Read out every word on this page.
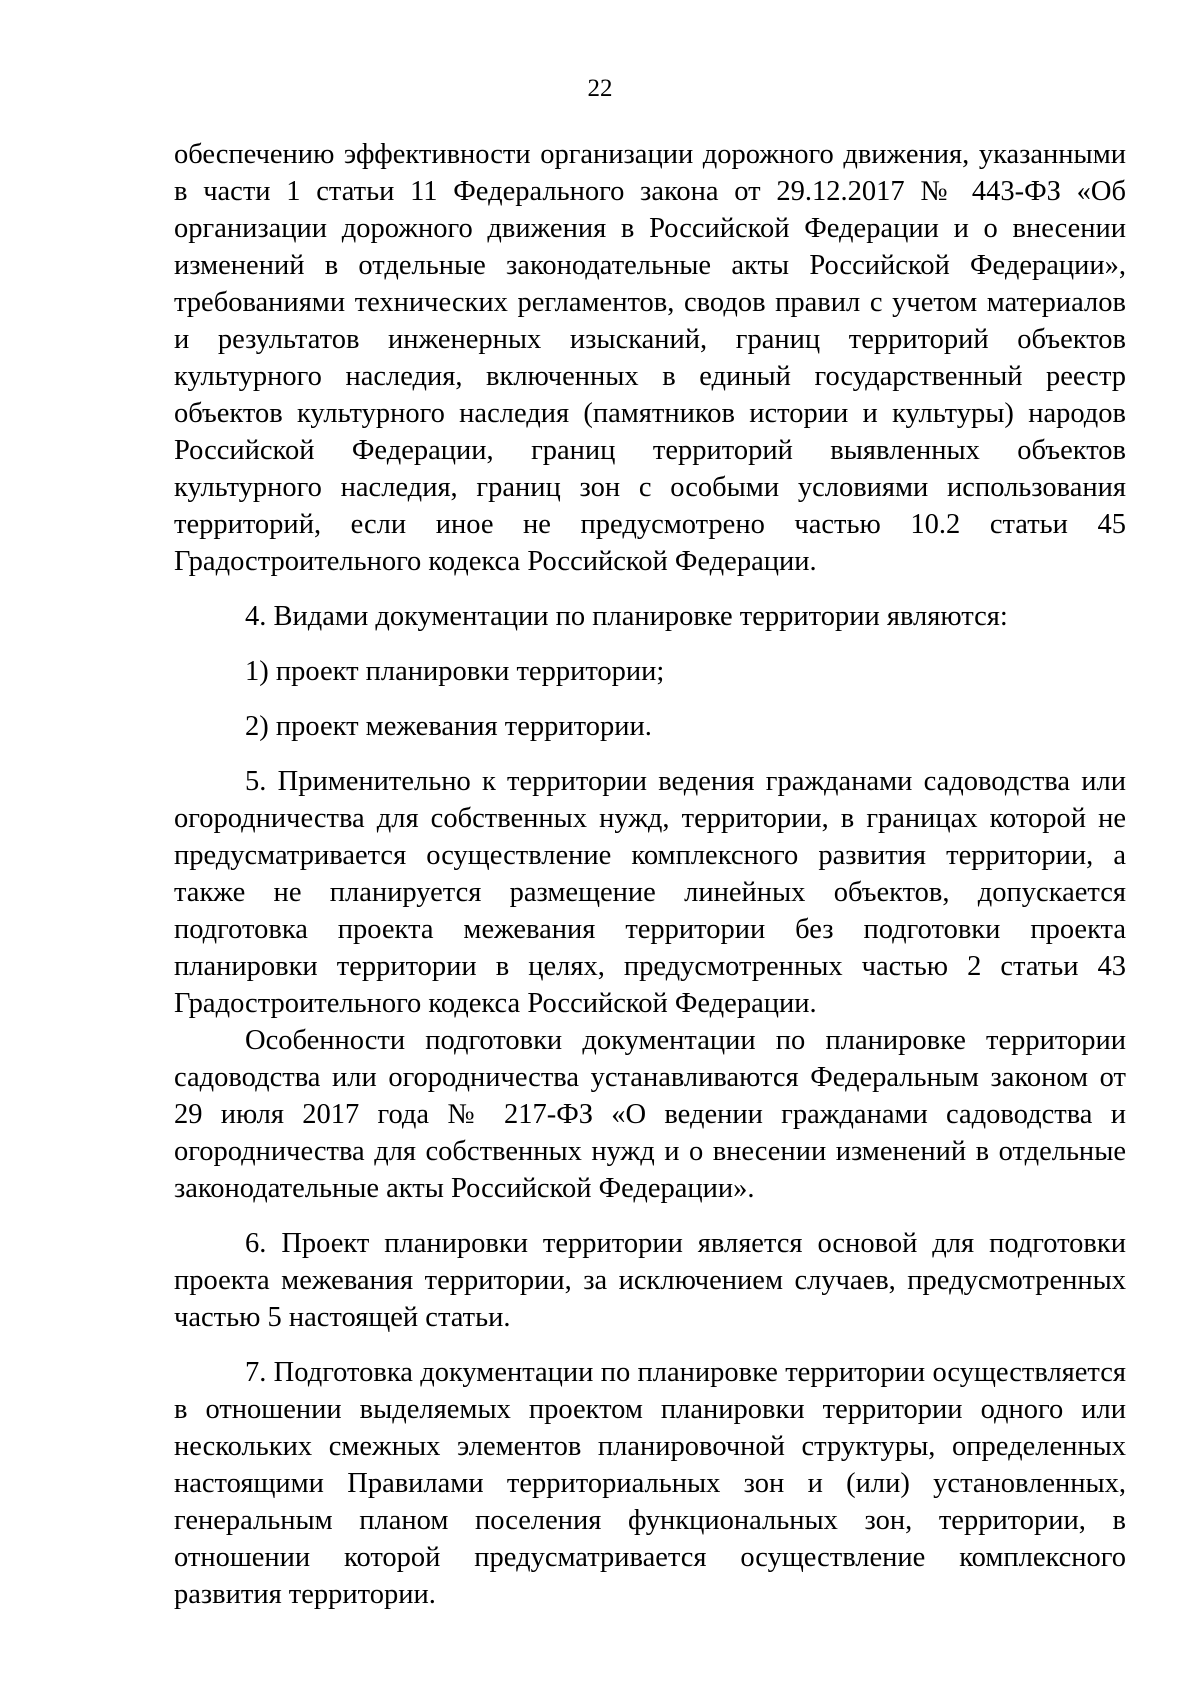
22

обеспечению эффективности организации дорожного движения, указанными в части 1 статьи 11 Федерального закона от 29.12.2017 № 443-ФЗ «Об организации дорожного движения в Российской Федерации и о внесении изменений в отдельные законодательные акты Российской Федерации», требованиями технических регламентов, сводов правил с учетом материалов и результатов инженерных изысканий, границ территорий объектов культурного наследия, включенных в единый государственный реестр объектов культурного наследия (памятников истории и культуры) народов Российской Федерации, границ территорий выявленных объектов культурного наследия, границ зон с особыми условиями использования территорий, если иное не предусмотрено частью 10.2 статьи 45 Градостроительного кодекса Российской Федерации.

4. Видами документации по планировке территории являются:

1) проект планировки территории;

2) проект межевания территории.

5. Применительно к территории ведения гражданами садоводства или огородничества для собственных нужд, территории, в границах которой не предусматривается осуществление комплексного развития территории, а также не планируется размещение линейных объектов, допускается подготовка проекта межевания территории без подготовки проекта планировки территории в целях, предусмотренных частью 2 статьи 43 Градостроительного кодекса Российской Федерации.

Особенности подготовки документации по планировке территории садоводства или огородничества устанавливаются Федеральным законом от 29 июля 2017 года № 217-ФЗ «О ведении гражданами садоводства и огородничества для собственных нужд и о внесении изменений в отдельные законодательные акты Российской Федерации».

6. Проект планировки территории является основой для подготовки проекта межевания территории, за исключением случаев, предусмотренных частью 5 настоящей статьи.

7. Подготовка документации по планировке территории осуществляется в отношении выделяемых проектом планировки территории одного или нескольких смежных элементов планировочной структуры, определенных настоящими Правилами территориальных зон и (или) установленных, генеральным планом поселения функциональных зон, территории, в отношении которой предусматривается осуществление комплексного развития территории.
